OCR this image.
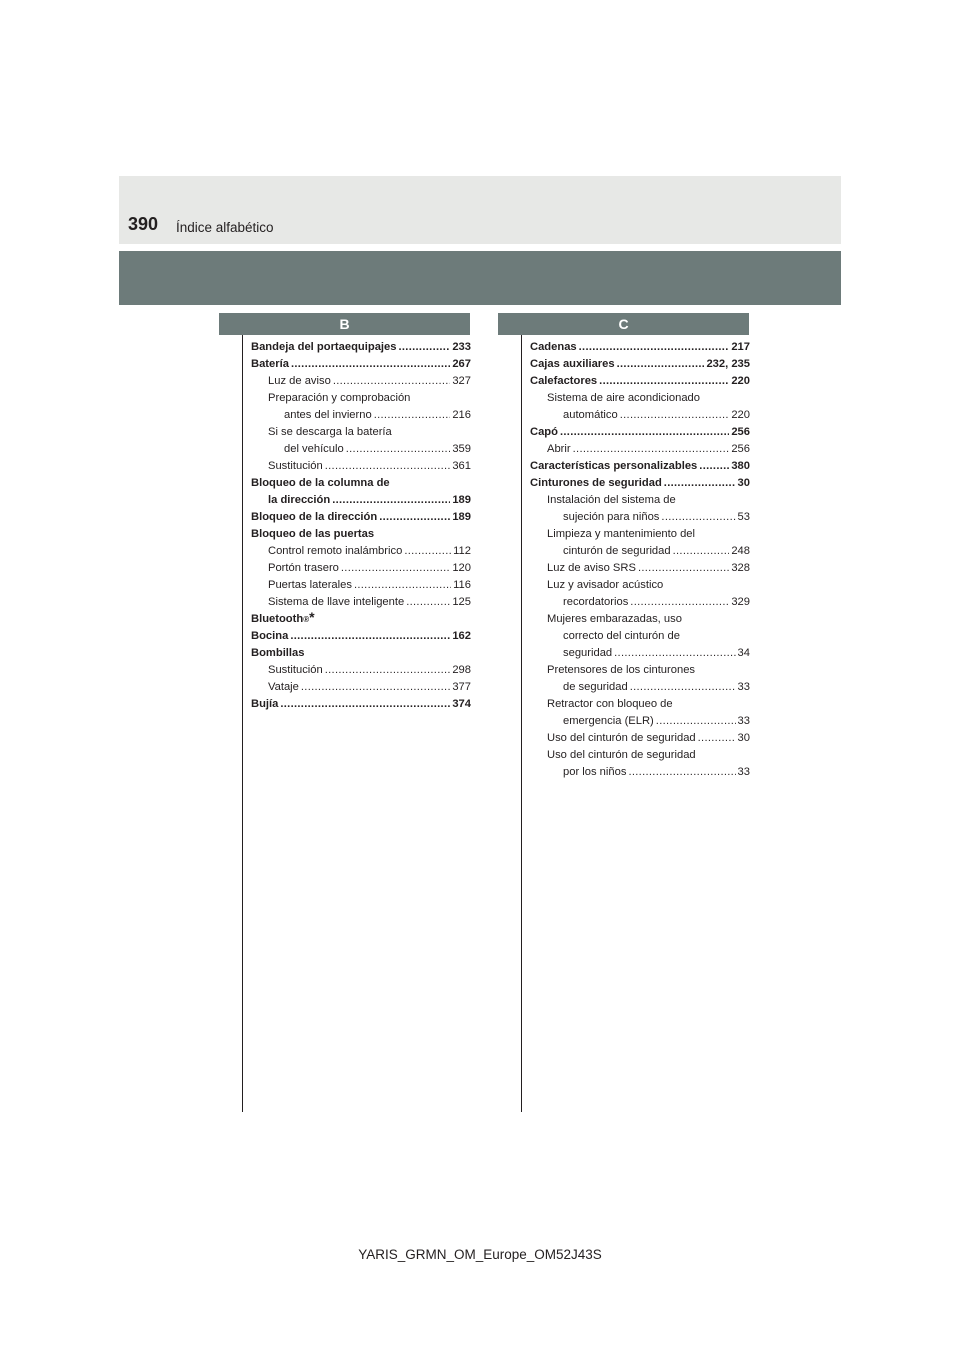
390 Índice alfabético
B	C
Bandeja del portaequipajes .....	233
Batería .....	267
Luz de aviso .....	327
Preparación y comprobación
antes del invierno .....	216
Si se descarga la batería
del vehículo .....	359
Sustitución .....	361
Bloqueo de la columna de
la dirección .....	189
Bloqueo de la dirección .....	189
Bloqueo de las puertas
Control remoto inalámbrico .....	112
Portón trasero .....	120
Puertas laterales .....	116
Sistema de llave inteligente .....	125
Bluetooth ® *
Bocina .....	162
Bombillas
Sustitución .....	298
Vataje .....	377
Bujía .....	374
Cadenas .....	217
Cajas auxiliares .....	232, 235
Calefactores .....	220
Sistema de aire acondicionado
automático .....	220
Capó .....	256
Abrir .....	256
Características personalizables .....	380
Cinturones de seguridad .....	30
Instalación del sistema de
sujeción para niños .....	53
Limpieza y mantenimiento del
cinturón de seguridad .....	248
Luz de aviso SRS .....	328
Luz y avisador acústico
recordatorios .....	329
Mujeres embarazadas, uso
correcto del cinturón de
seguridad .....	34
Pretensores de los cinturones
de seguridad .....	33
Retractor con bloqueo de
emergencia (ELR) .....	33
Uso del cinturón de seguridad .....	30
Uso del cinturón de seguridad
por los niños .....	33
YARIS_GRMN_OM_Europe_OM52J43S
